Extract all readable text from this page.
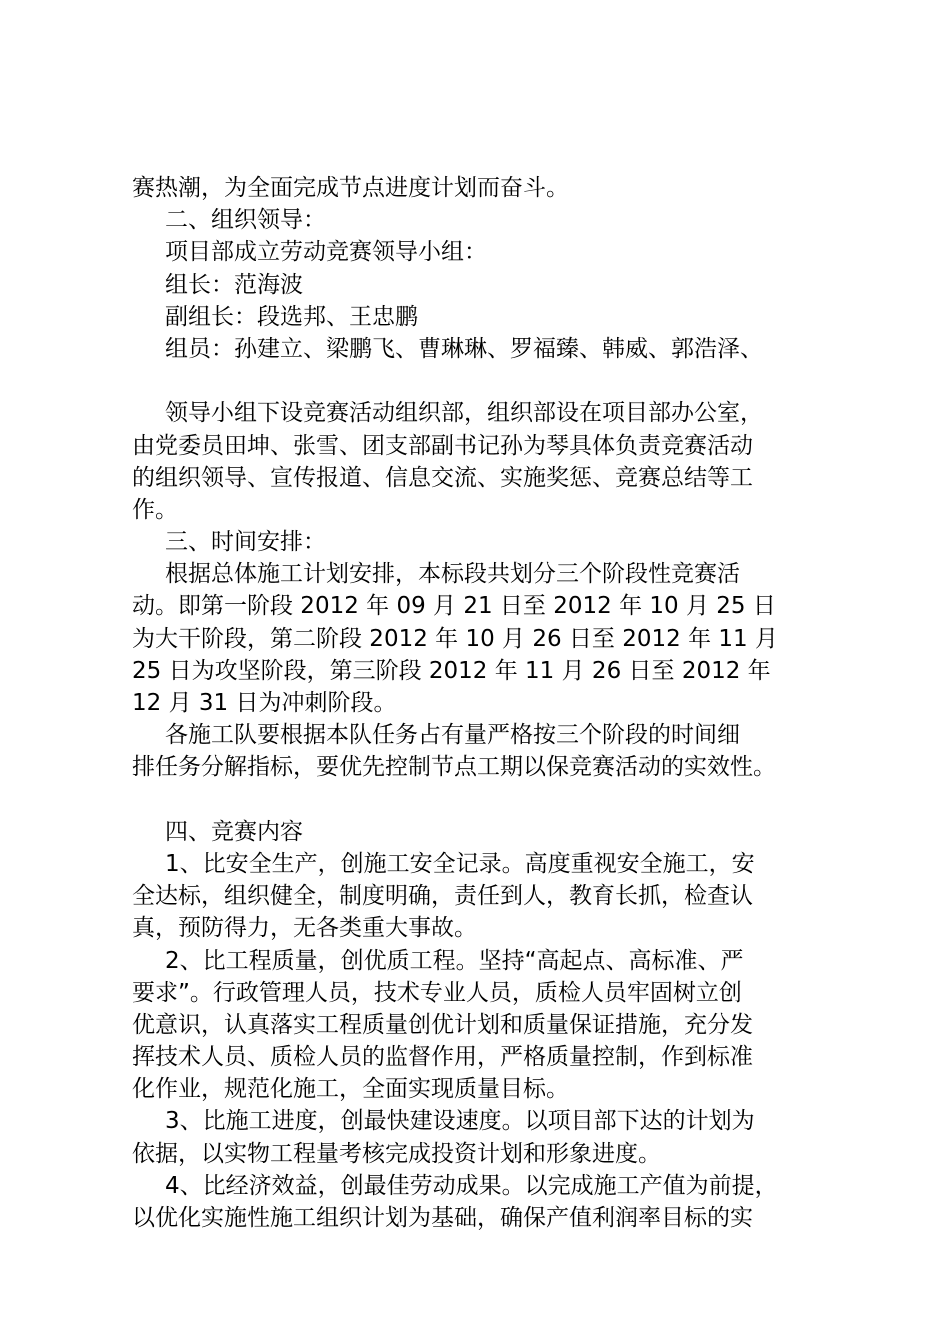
赛热潮，为全面完成节点进度计划而奋斗。
二、组织领导：
项目部成立劳动竞赛领导小组：
组长：范海波
副组长：段选邦、王忠鹏
组员：孙建立、梁鹏飞、曹琳琳、罗福臻、韩威、郭浩泽、
领导小组下设竞赛活动组织部，组织部设在项目部办公室，
由党委员田坤、张雪、团支部副书记孙为琴具体负责竞赛活动
的组织领导、宣传报道、信息交流、实施奖惩、竞赛总结等工
作。
三、时间安排：
根据总体施工计划安排，本标段共划分三个阶段性竞赛活
动。即第一阶段 2012 年 09 月 21 日至 2012 年 10 月 25 日
为大干阶段，第二阶段 2012 年 10 月 26 日至 2012 年 11 月
25 日为攻坚阶段，第三阶段 2012 年 11 月 26 日至 2012 年
12 月 31 日为冲刺阶段。
各施工队要根据本队任务占有量严格按三个阶段的时间细
排任务分解指标，要优先控制节点工期以保竞赛活动的实效性。
四、竞赛内容
1、比安全生产，创施工安全记录。高度重视安全施工，安
全达标，组织健全，制度明确，责任到人，教育长抓，检查认
真，预防得力，无各类重大事故。
2、比工程质量，创优质工程。坚持“高起点、高标准、严
要求”。行政管理人员，技术专业人员，质检人员牢固树立创
优意识，认真落实工程质量创优计划和质量保证措施，充分发
挥技术人员、质检人员的监督作用，严格质量控制，作到标准
化作业，规范化施工，全面实现质量目标。
3、比施工进度，创最快建设速度。以项目部下达的计划为
依据，以实物工程量考核完成投资计划和形象进度。
4、比经济效益，创最佳劳动成果。以完成施工产值为前提，
以优化实施性施工组织计划为基础，确保产值利润率目标的实
